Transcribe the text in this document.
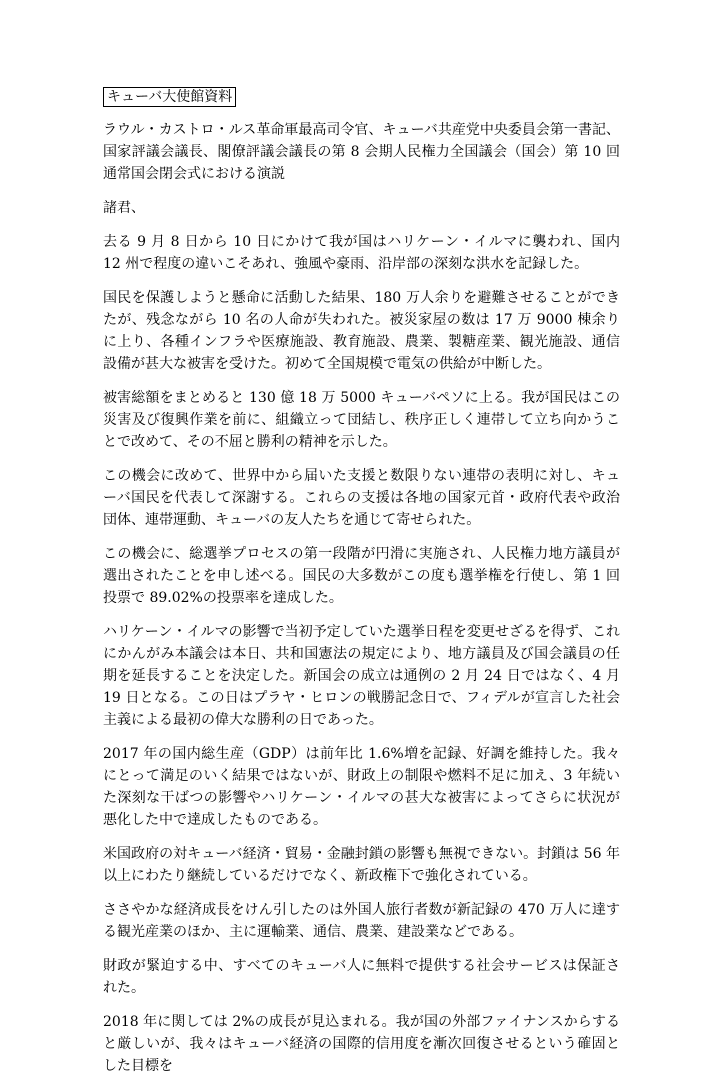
キューバ大使館資料

ラウル・カストロ・ルス革命軍最高司令官、キューバ共産党中央委員会第一書記、国家評議会議長、閣僚評議会議長の第 8 会期人民権力全国議会（国会）第 10 回通常国会閉会式における演説

諸君、

去る 9 月 8 日から 10 日にかけて我が国はハリケーン・イルマに襲われ、国内 12 州で程度の違いこそあれ、強風や豪雨、沿岸部の深刻な洪水を記録した。

国民を保護しようと懸命に活動した結果、180 万人余りを避難させることができたが、残念ながら 10 名の人命が失われた。被災家屋の数は 17 万 9000 棟余りに上り、各種インフラや医療施設、教育施設、農業、製糖産業、観光施設、通信設備が甚大な被害を受けた。初めて全国規模で電気の供給が中断した。

被害総額をまとめると 130 億 18 万 5000 キューバペソに上る。我が国民はこの災害及び復興作業を前に、組織立って団結し、秩序正しく連帯して立ち向かうことで改めて、その不屈と勝利の精神を示した。

この機会に改めて、世界中から届いた支援と数限りない連帯の表明に対し、キューバ国民を代表して深謝する。これらの支援は各地の国家元首・政府代表や政治団体、連帯運動、キューバの友人たちを通じて寄せられた。

この機会に、総選挙プロセスの第一段階が円滑に実施され、人民権力地方議員が選出されたことを申し述べる。国民の大多数がこの度も選挙権を行使し、第 1 回投票で 89.02%の投票率を達成した。

ハリケーン・イルマの影響で当初予定していた選挙日程を変更せざるを得ず、これにかんがみ本議会は本日、共和国憲法の規定により、地方議員及び国会議員の任期を延長することを決定した。新国会の成立は通例の 2 月 24 日ではなく、4 月 19 日となる。この日はプラヤ・ヒロンの戦勝記念日で、フィデルが宣言した社会主義による最初の偉大な勝利の日であった。

2017 年の国内総生産（GDP）は前年比 1.6%増を記録、好調を維持した。我々にとって満足のいく結果ではないが、財政上の制限や燃料不足に加え、3 年続いた深刻な干ばつの影響やハリケーン・イルマの甚大な被害によってさらに状況が悪化した中で達成したものである。

米国政府の対キューバ経済・貿易・金融封鎖の影響も無視できない。封鎖は 56 年以上にわたり継続しているだけでなく、新政権下で強化されている。

ささやかな経済成長をけん引したのは外国人旅行者数が新記録の 470 万人に達する観光産業のほか、主に運輸業、通信、農業、建設業などである。

財政が緊迫する中、すべてのキューバ人に無料で提供する社会サービスは保証された。

2018 年に関しては 2%の成長が見込まれる。我が国の外部ファイナンスからすると厳しいが、我々はキューバ経済の国際的信用度を漸次回復させるという確固とした目標を
